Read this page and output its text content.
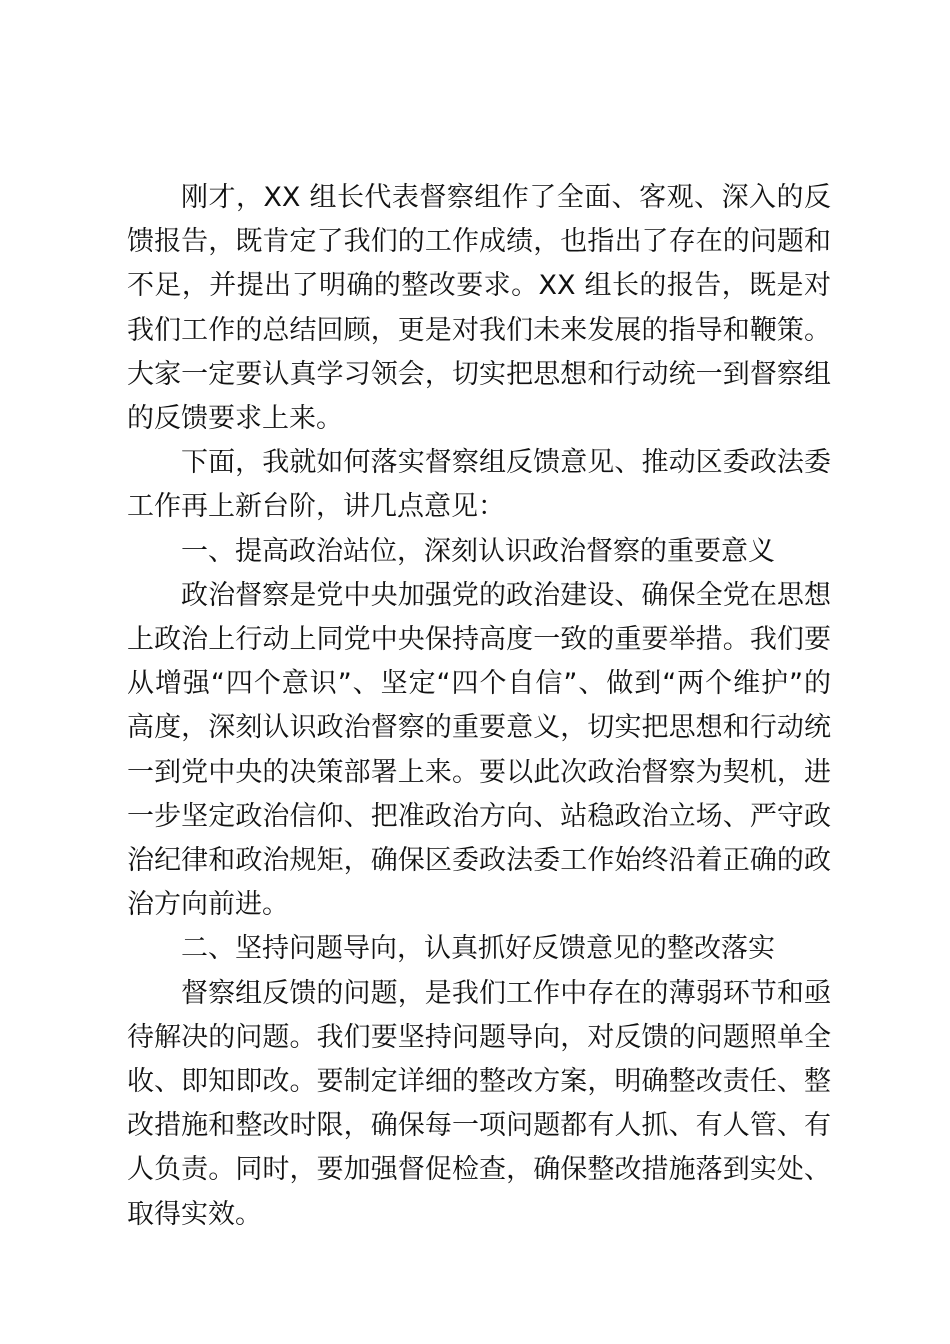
刚才，XX 组长代表督察组作了全面、客观、深入的反馈报告，既肯定了我们的工作成绩，也指出了存在的问题和不足，并提出了明确的整改要求。XX 组长的报告，既是对我们工作的总结回顾，更是对我们未来发展的指导和鞭策。大家一定要认真学习领会，切实把思想和行动统一到督察组的反馈要求上来。

下面，我就如何落实督察组反馈意见、推动区委政法委工作再上新台阶，讲几点意见：

一、提高政治站位，深刻认识政治督察的重要意义

政治督察是党中央加强党的政治建设、确保全党在思想上政治上行动上同党中央保持高度一致的重要举措。我们要从增强“四个意识”、坚定“四个自信”、做到“两个维护”的高度，深刻认识政治督察的重要意义，切实把思想和行动统一到党中央的决策部署上来。要以此次政治督察为契机，进一步坚定政治信仰、把准政治方向、站稳政治立场、严守政治纪律和政治规矩，确保区委政法委工作始终沿着正确的政治方向前进。

二、坚持问题导向，认真抓好反馈意见的整改落实

督察组反馈的问题，是我们工作中存在的薄弱环节和亟待解决的问题。我们要坚持问题导向，对反馈的问题照单全收、即知即改。要制定详细的整改方案，明确整改责任、整改措施和整改时限，确保每一项问题都有人抓、有人管、有人负责。同时，要加强督促检查，确保整改措施落到实处、取得实效。
